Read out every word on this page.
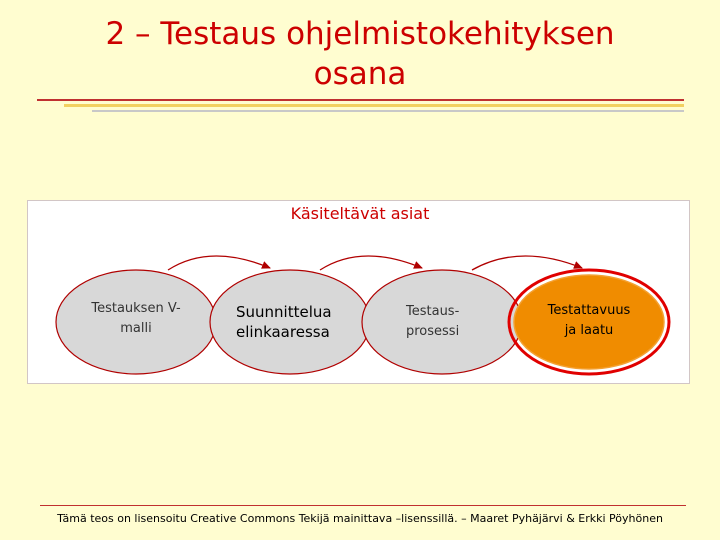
2 – Testaus ohjelmistokehityksen
osana
Käsiteltävät asiat
Testauksen V-
malli
Suunnittelua
elinkaaressa
Testaus-
prosessi
Testattavuus
ja laatu
Tämä teos on lisensoitu Creative Commons Tekijä mainittava –lisenssillä. – Maaret Pyhäjärvi & Erkki Pöyhönen
